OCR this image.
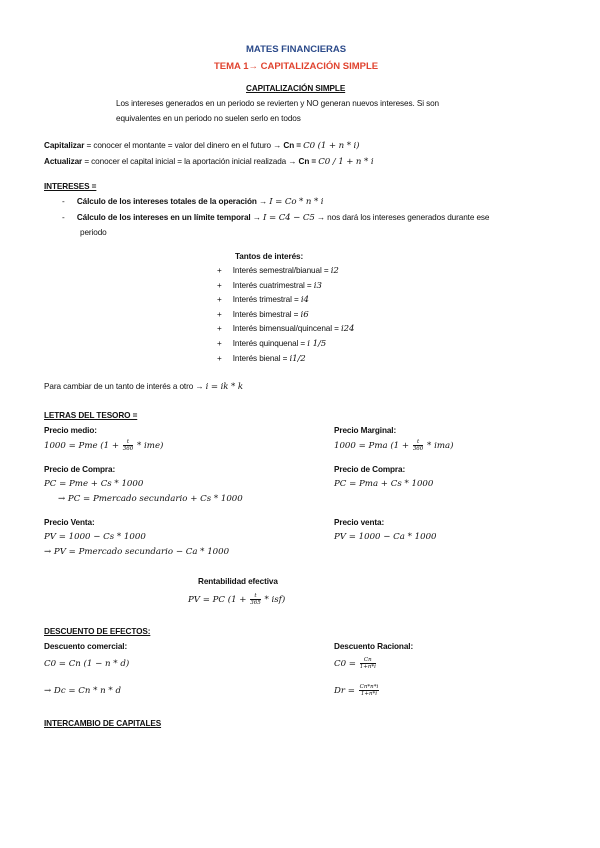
MATES FINANCIERAS
TEMA 1→ CAPITALIZACIÓN SIMPLE
CAPITALIZACIÓN SIMPLE
Los intereses generados en un periodo se revierten y NO generan nuevos intereses. Si son
equivalentes en un periodo no suelen serlo en todos
Capitalizar = conocer el montante = valor del dinero en el futuro → Cn = C0 (1 + n * i)
Actualizar = conocer el capital inicial = la aportación inicial realizada → Cn = C0 / 1 + n * i
INTERESES =
- Cálculo de los intereses totales de la operación → I = Co * n * i
- Cálculo de los intereses en un límite temporal → I = C4 − C5 → nos dará los intereses generados durante ese
periodo
Tantos de interés:
+ Interés semestral/bianual = i2
+ Interés cuatrimestral = i3
+ Interés trimestral = i4
+ Interés bimestral = i6
+ Interés bimensual/quincenal = i24
+ Interés quinquenal = i 1/5
+ Interés bienal = i1/2
Para cambiar de un tanto de interés a otro → i = ik * k
LETRAS DEL TESORO =
Precio medio:
1000 = Pme $(1 + \frac{t}{360} * ime)$
Precio Marginal:
1000 = Pma $(1 + \frac{t}{360} * ima)$
Precio de Compra:
PC = Pme + Cs * 1000
→ PC = Pmercado secundario + Cs * 1000
Precio de Compra:
PC = Pma + Cs * 1000
Precio Venta:
PV = 1000 − Cs * 1000
→ PV = Pmercado secundario − Ca * 1000
Precio venta:
PV = 1000 − Ca * 1000
Rentabilidad efectiva
PV = PC $(1 + \frac{t}{365} * isf)$
DESCUENTO DE EFECTOS:
Descuento comercial:
C0 = Cn (1 − n * d)
→ Dc = Cn * n * d
Descuento Racional:
$C0 = \frac{Cn}{1+n*i}$
$Dr = \frac{Cn*n*i}{1+n*i}$
INTERCAMBIO DE CAPITALES
